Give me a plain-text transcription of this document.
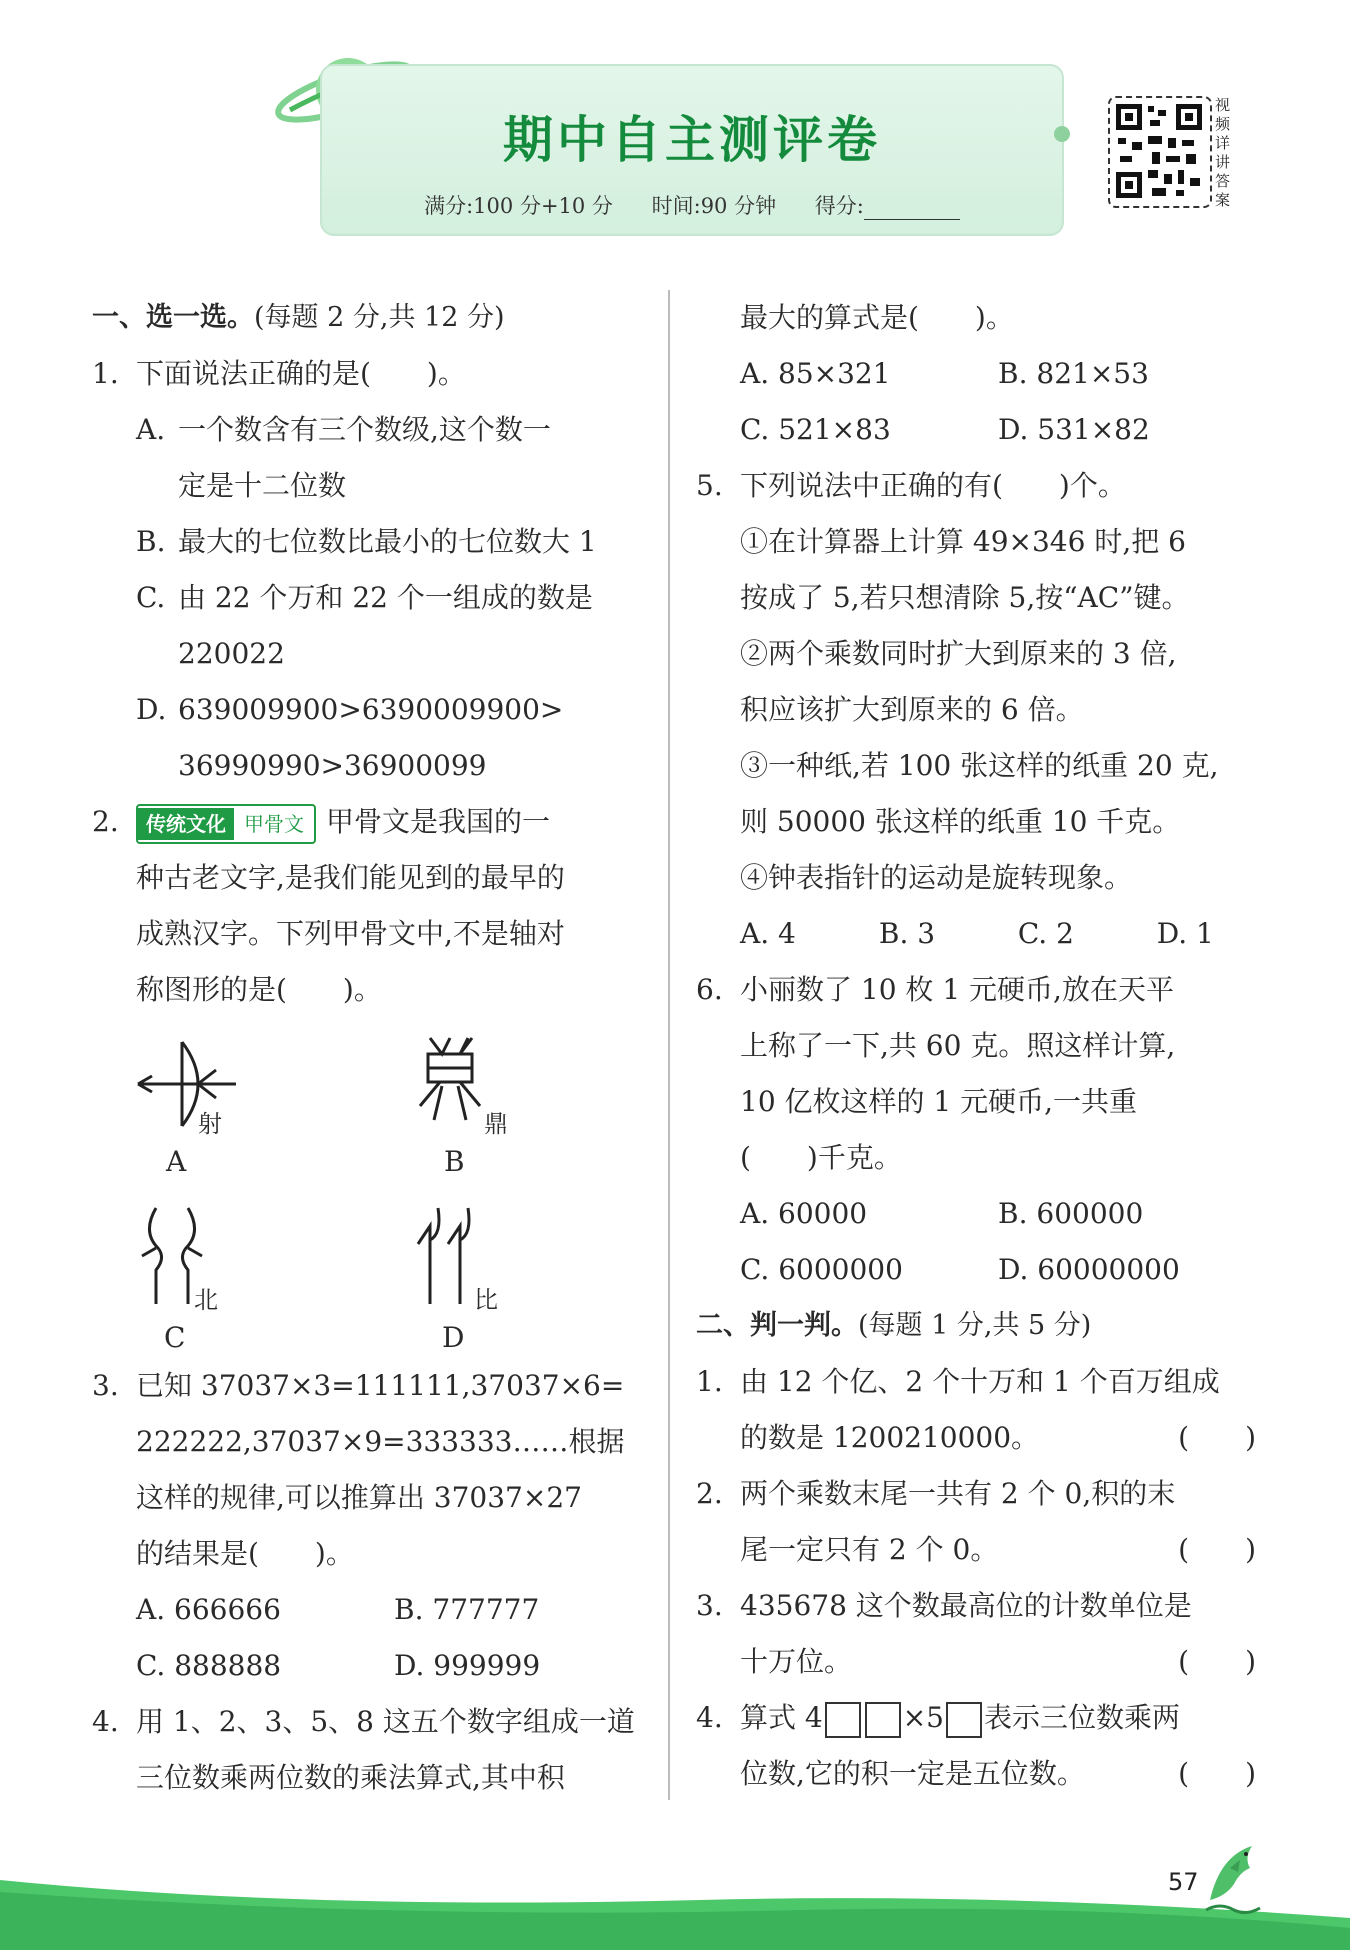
期中自主测评卷
满分:100 分+10 分 时间:90 分钟 得分:
视频详讲答案
一、选一选。(每题 2 分,共 12 分)
1. 下面说法正确的是(　　)。
A. 一个数含有三个数级,这个数一
定是十二位数
B. 最大的七位数比最小的七位数大 1
C. 由 22 个万和 22 个一组成的数是
220022
D. 639009900>6390009900>
36990990>36900099
2.	传统文化 甲骨文 甲骨文是我国的一
种古老文字,是我们能见到的最早的
成熟汉字。下列甲骨文中,不是轴对
称图形的是(　　)。
射
A
鼎
B
北
C
比
D
3. 已知 37037×3=111111,37037×6=
222222,37037×9=333333……根据
这样的规律,可以推算出 37037×27
的结果是(　　)。
A. 666666	B. 777777
C. 888888	D. 999999
4. 用 1、2、3、5、8 这五个数字组成一道
三位数乘两位数的乘法算式,其中积
最大的算式是(　　)。
A. 85×321	B. 821×53
C. 521×83	D. 531×82
5. 下列说法中正确的有(　　)个。
①在计算器上计算 49×346 时,把 6
按成了 5,若只想清除 5,按“AC”键。
②两个乘数同时扩大到原来的 3 倍,
积应该扩大到原来的 6 倍。
③一种纸,若 100 张这样的纸重 20 克,
则 50000 张这样的纸重 10 千克。
④钟表指针的运动是旋转现象。
A. 4	B. 3	C. 2	D. 1
6. 小丽数了 10 枚 1 元硬币,放在天平
上称了一下,共 60 克。照这样计算,
10 亿枚这样的 1 元硬币,一共重
(　　)千克。
A. 60000	B. 600000
C. 6000000	D. 60000000
二、判一判。(每题 1 分,共 5 分)
1. 由 12 个亿、2 个十万和 1 个百万组成
的数是 1200210000。	(　　)
2. 两个乘数末尾一共有 2 个 0,积的末
尾一定只有 2 个 0。	(　　)
3. 435678 这个数最高位的计数单位是
十万位。	(　　)
4. 算式 4	×5 表示三位数乘两
位数,它的积一定是五位数。	(　　)
57
